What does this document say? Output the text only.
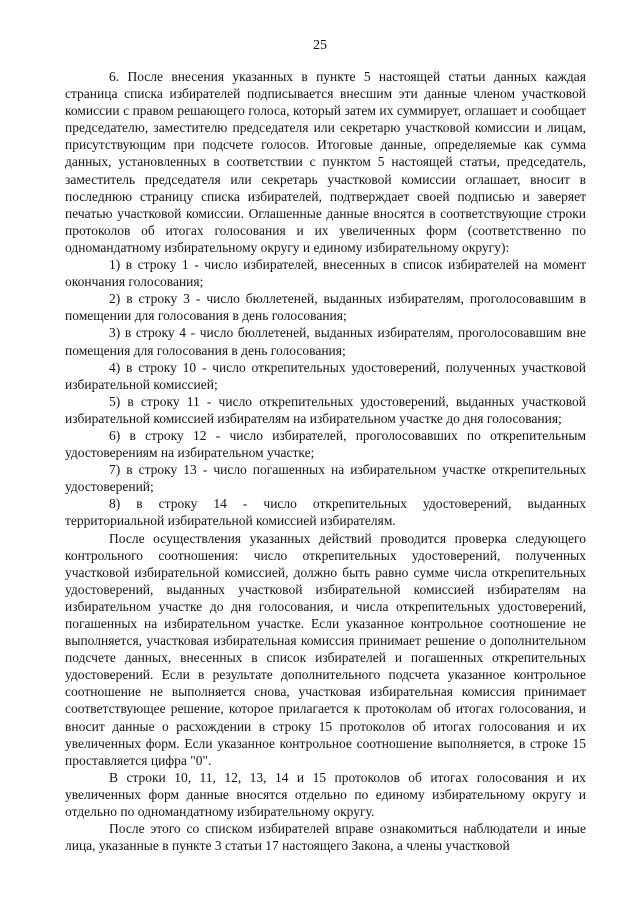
25

6. После внесения указанных в пункте 5 настоящей статьи данных каждая страница списка избирателей подписывается внесшим эти данные членом участковой комиссии с правом решающего голоса, который затем их суммирует, оглашает и сообщает председателю, заместителю председателя или секретарю участковой комиссии и лицам, присутствующим при подсчете голосов. Итоговые данные, определяемые как сумма данных, установленных в соответствии с пунктом 5 настоящей статьи, председатель, заместитель председателя или секретарь участковой комиссии оглашает, вносит в последнюю страницу списка избирателей, подтверждает своей подписью и заверяет печатью участковой комиссии. Оглашенные данные вносятся в соответствующие строки протоколов об итогах голосования и их увеличенных форм (соответственно по одномандатному избирательному округу и единому избирательному округу):

1) в строку 1 - число избирателей, внесенных в список избирателей на момент окончания голосования;

2) в строку 3 - число бюллетеней, выданных избирателям, проголосовавшим в помещении для голосования в день голосования;

3) в строку 4 - число бюллетеней, выданных избирателям, проголосовавшим вне помещения для голосования в день голосования;

4) в строку 10 - число открепительных удостоверений, полученных участковой избирательной комиссией;

5) в строку 11 - число открепительных удостоверений, выданных участковой избирательной комиссией избирателям на избирательном участке до дня голосования;

6) в строку 12 - число избирателей, проголосовавших по открепительным удостоверениям на избирательном участке;

7) в строку 13 - число погашенных на избирательном участке открепительных удостоверений;

8) в строку 14 - число открепительных удостоверений, выданных территориальной избирательной комиссией избирателям.

После осуществления указанных действий проводится проверка следующего контрольного соотношения: число открепительных удостоверений, полученных участковой избирательной комиссией, должно быть равно сумме числа открепительных удостоверений, выданных участковой избирательной комиссией избирателям на избирательном участке до дня голосования, и числа открепительных удостоверений, погашенных на избирательном участке. Если указанное контрольное соотношение не выполняется, участковая избирательная комиссия принимает решение о дополнительном подсчете данных, внесенных в список избирателей и погашенных открепительных удостоверений. Если в результате дополнительного подсчета указанное контрольное соотношение не выполняется снова, участковая избирательная комиссия принимает соответствующее решение, которое прилагается к протоколам об итогах голосования, и вносит данные о расхождении в строку 15 протоколов об итогах голосования и их увеличенных форм. Если указанное контрольное соотношение выполняется, в строке 15 проставляется цифра "0".

В строки 10, 11, 12, 13, 14 и 15 протоколов об итогах голосования и их увеличенных форм данные вносятся отдельно по единому избирательному округу и отдельно по одномандатному избирательному округу.

После этого со списком избирателей вправе ознакомиться наблюдатели и иные лица, указанные в пункте 3 статьи 17 настоящего Закона, а члены участковой
